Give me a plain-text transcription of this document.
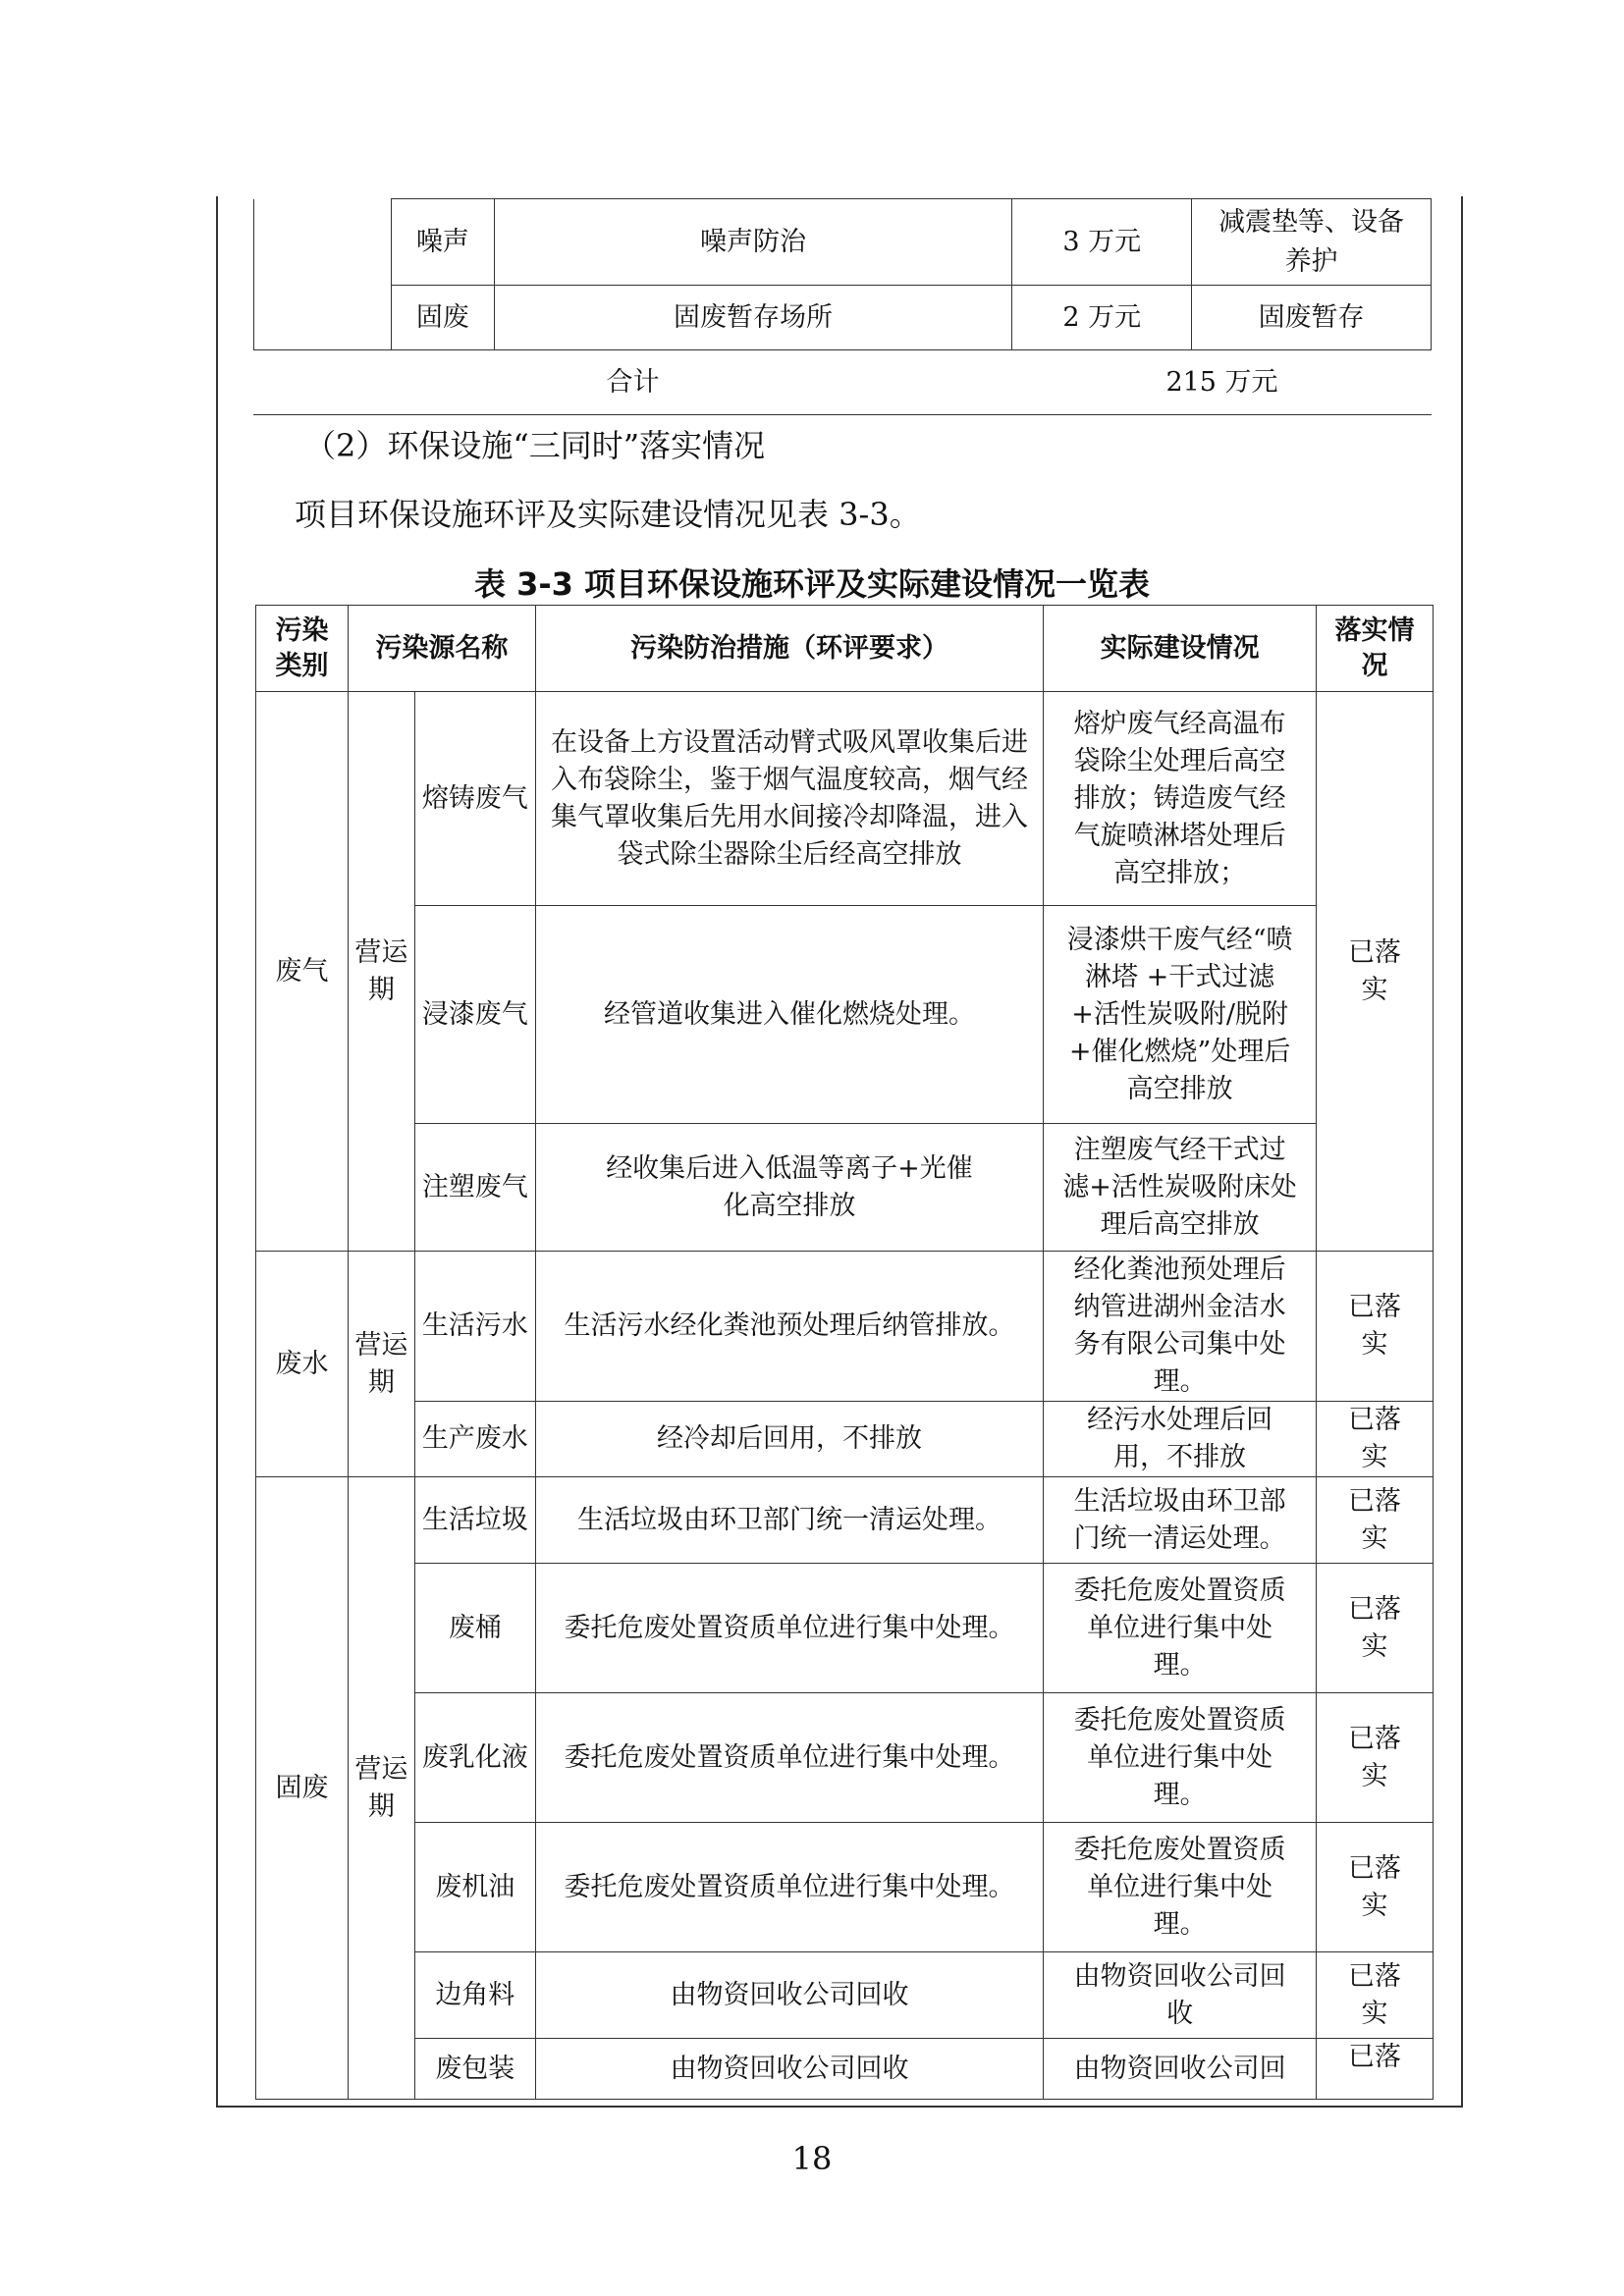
	噪声	噪声防治	3 万元	减震垫等、设备养护
	固废	固废暂存场所	2 万元	固废暂存
合计	215 万元
（2）环保设施“三同时”落实情况
项目环保设施环评及实际建设情况见表 3-3。
表 3-3 项目环保设施环评及实际建设情况一览表
污染类别	污染源名称		污染防治措施（环评要求）	实际建设情况	落实情况
废气	营运期	熔铸废气	在设备上方设置活动臂式吸风罩收集后进入布袋除尘，鉴于烟气温度较高，烟气经集气罩收集后先用水间接冷却降温，进入袋式除尘器除尘后经高空排放	熔炉废气经高温布袋除尘处理后高空排放；铸造废气经气旋喷淋塔处理后高空排放；	已落实
		浸漆废气	经管道收集进入催化燃烧处理。	浸漆烘干废气经“喷淋塔 +干式过滤+活性炭吸附/脱附+催化燃烧”处理后高空排放	
		注塑废气	经收集后进入低温等离子+光催化高空排放	注塑废气经干式过滤+活性炭吸附床处理后高空排放	
废水	营运期	生活污水	生活污水经化粪池预处理后纳管排放。	经化粪池预处理后纳管进湖州金洁水务有限公司集中处理。	已落实
		生产废水	经冷却后回用，不排放	经污水处理后回用，不排放	已落实
固废	营运期	生活垃圾	生活垃圾由环卫部门统一清运处理。	生活垃圾由环卫部门统一清运处理。	已落实
		废桶	委托危废处置资质单位进行集中处理。	委托危废处置资质单位进行集中处理。	已落实
		废乳化液	委托危废处置资质单位进行集中处理。	委托危废处置资质单位进行集中处理。	已落实
		废机油	委托危废处置资质单位进行集中处理。	委托危废处置资质单位进行集中处理。	已落实
		边角料	由物资回收公司回收	由物资回收公司回收	已落实
		废包装	由物资回收公司回收	由物资回收公司回	已落
18
